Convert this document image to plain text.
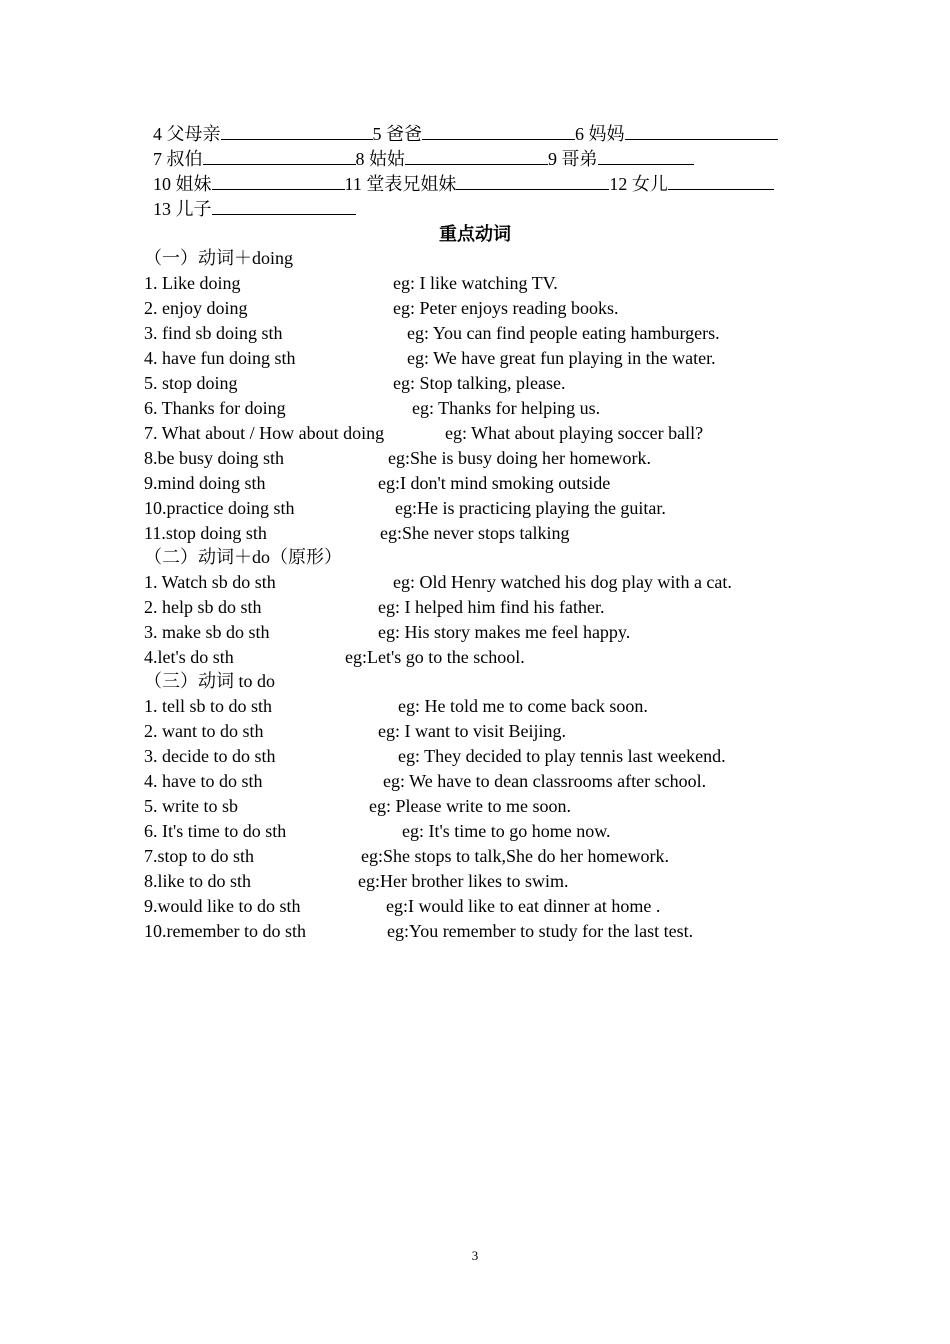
4 父母亲	5 爸爸	6 妈妈

7 叔伯	8 姑姑	9 哥弟

10 姐妹	11 堂表兄姐妹	12 女儿

13 儿子

重点动词
（一）动词＋doing
1. Like doing	eg: I like watching TV.
2. enjoy doing	eg: Peter enjoys reading books.
3. find sb doing sth	eg: You can find people eating hamburgers.
4. have fun doing sth	eg: We have great fun playing in the water.
5. stop doing	eg: Stop talking, please.
6. Thanks for doing	eg: Thanks for helping us.
7. What about / How about doing	eg: What about playing soccer ball?
8.be busy doing sth	eg:She is busy doing her homework.
9.mind doing sth	eg:I don't mind smoking outside
10.practice doing sth	eg:He is practicing playing the guitar.
11.stop doing sth	eg:She never stops talking
（二）动词＋do（原形）
1. Watch sb do sth	eg: Old Henry watched his dog play with a cat.
2. help sb do sth	eg: I helped him find his father.
3. make sb do sth	eg: His story makes me feel happy.
4.let's do sth	eg:Let's go to the school.
（三）动词 to do
1. tell sb to do sth	eg: He told me to come back soon.
2. want to do sth	eg: I want to visit Beijing.
3. decide to do sth	eg: They decided to play tennis last weekend.
4. have to do sth	eg: We have to dean classrooms after school.
5. write to sb	eg: Please write to me soon.
6. It's time to do sth	eg: It's time to go home now.
7.stop to do sth	eg:She stops to talk,She do her homework.
8.like to do sth	eg:Her brother likes to swim.
9.would like to do sth	eg:I would like to eat dinner at home .
10.remember to do sth	eg:You remember to study for the last test.
3
